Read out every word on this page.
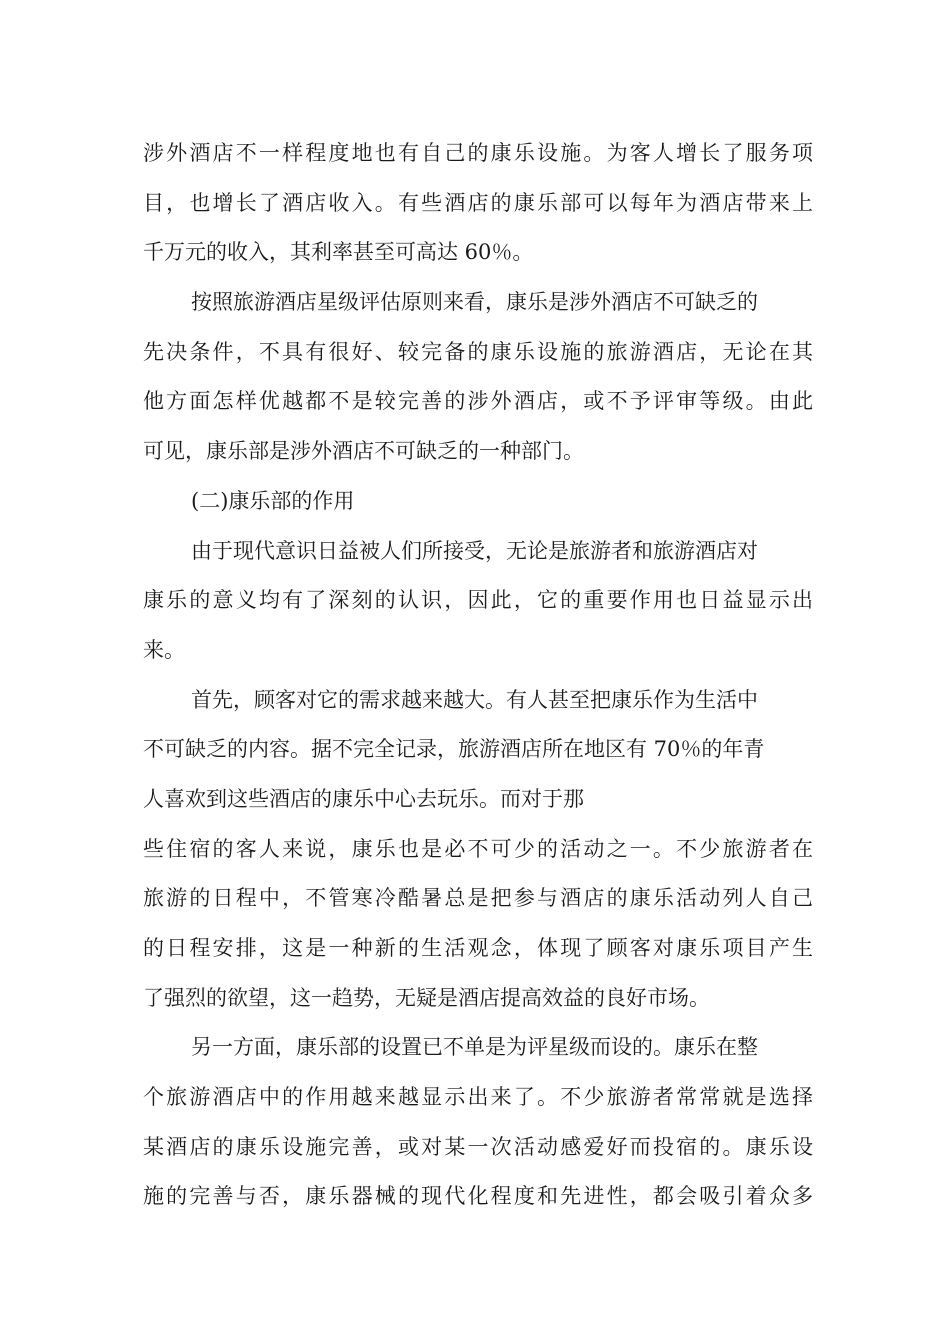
涉外酒店不一样程度地也有自己的康乐设施。为客人增长了服务项
目，也增长了酒店收入。有些酒店的康乐部可以每年为酒店带来上
千万元的收入，其利率甚至可高达 60％。
按照旅游酒店星级评估原则来看，康乐是涉外酒店不可缺乏的
先决条件，不具有很好、较完备的康乐设施的旅游酒店，无论在其
他方面怎样优越都不是较完善的涉外酒店，或不予评审等级。由此
可见，康乐部是涉外酒店不可缺乏的一种部门。
(二)康乐部的作用
由于现代意识日益被人们所接受，无论是旅游者和旅游酒店对
康乐的意义均有了深刻的认识，因此，它的重要作用也日益显示出
来。
首先，顾客对它的需求越来越大。有人甚至把康乐作为生活中
不可缺乏的内容。据不完全记录，旅游酒店所在地区有 70％的年青
人喜欢到这些酒店的康乐中心去玩乐。而对于那
些住宿的客人来说，康乐也是必不可少的活动之一。不少旅游者在
旅游的日程中，不管寒冷酷暑总是把参与酒店的康乐活动列人自己
的日程安排，这是一种新的生活观念，体现了顾客对康乐项目产生
了强烈的欲望，这一趋势，无疑是酒店提高效益的良好市场。
另一方面，康乐部的设置已不单是为评星级而设的。康乐在整
个旅游酒店中的作用越来越显示出来了。不少旅游者常常就是选择
某酒店的康乐设施完善，或对某一次活动感爱好而投宿的。康乐设
施的完善与否，康乐器械的现代化程度和先进性，都会吸引着众多
